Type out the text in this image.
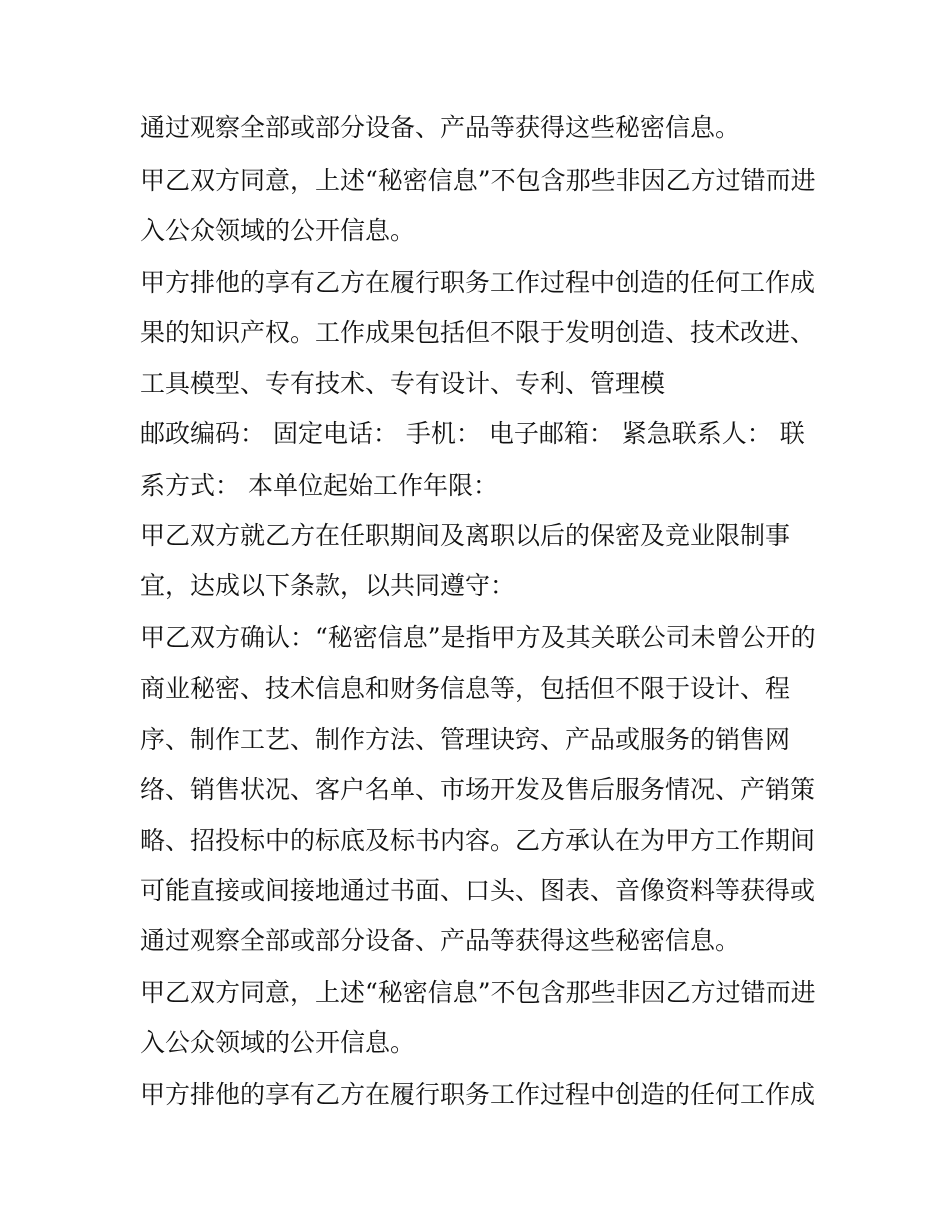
通过观察全部或部分设备、产品等获得这些秘密信息。
甲乙双方同意，上述“秘密信息”不包含那些非因乙方过错而进
入公众领域的公开信息。
甲方排他的享有乙方在履行职务工作过程中创造的任何工作成
果的知识产权。工作成果包括但不限于发明创造、技术改进、
工具模型、专有技术、专有设计、专利、管理模
邮政编码： 固定电话： 手机： 电子邮箱： 紧急联系人： 联
系方式： 本单位起始工作年限：
甲乙双方就乙方在任职期间及离职以后的保密及竞业限制事
宜，达成以下条款，以共同遵守：
甲乙双方确认：“秘密信息”是指甲方及其关联公司未曾公开的
商业秘密、技术信息和财务信息等，包括但不限于设计、程
序、制作工艺、制作方法、管理诀窍、产品或服务的销售网
络、销售状况、客户名单、市场开发及售后服务情况、产销策
略、招投标中的标底及标书内容。乙方承认在为甲方工作期间
可能直接或间接地通过书面、口头、图表、音像资料等获得或
通过观察全部或部分设备、产品等获得这些秘密信息。
甲乙双方同意，上述“秘密信息”不包含那些非因乙方过错而进
入公众领域的公开信息。
甲方排他的享有乙方在履行职务工作过程中创造的任何工作成
